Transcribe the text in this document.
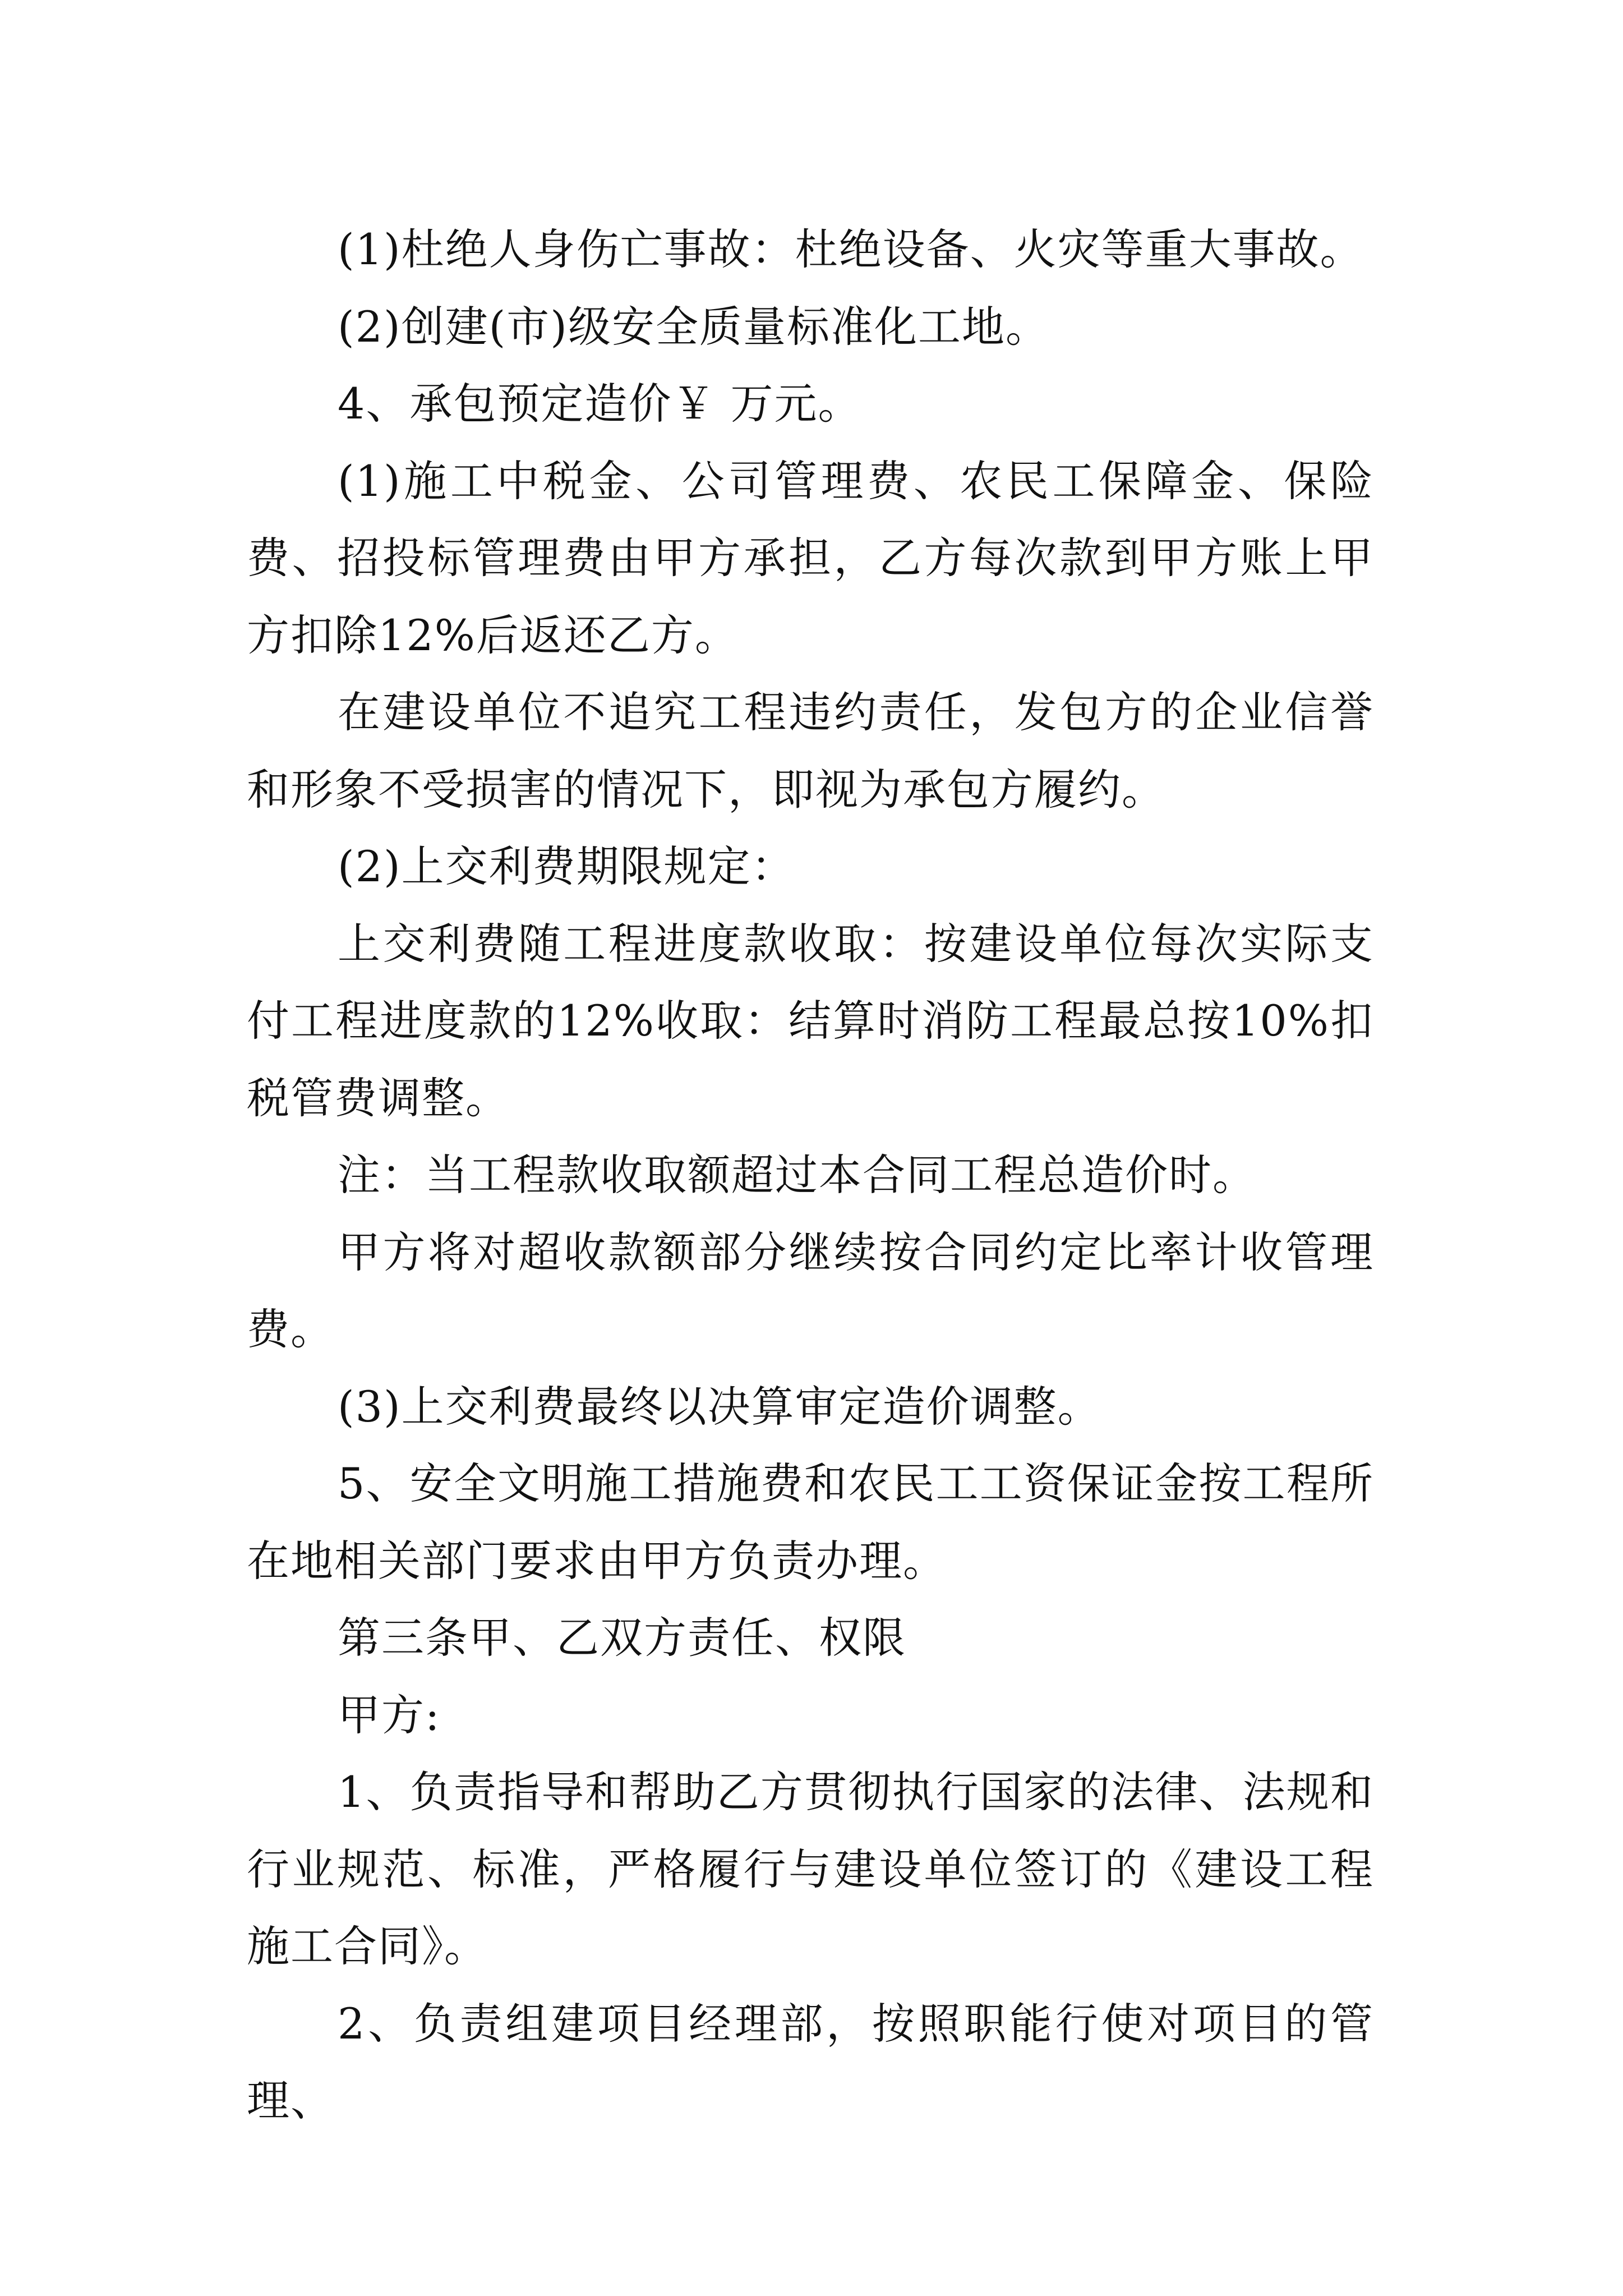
(1)杜绝人身伤亡事故：杜绝设备、火灾等重大事故。

(2)创建(市)级安全质量标准化工地。

4、承包预定造价￥ 万元。

(1)施工中税金、公司管理费、农民工保障金、保险费、招投标管理费由甲方承担，乙方每次款到甲方账上甲方扣除12%后返还乙方。

在建设单位不追究工程违约责任，发包方的企业信誉和形象不受损害的情况下，即视为承包方履约。

(2)上交利费期限规定：

上交利费随工程进度款收取：按建设单位每次实际支付工程进度款的12%收取：结算时消防工程最总按10%扣税管费调整。

注：当工程款收取额超过本合同工程总造价时。

甲方将对超收款额部分继续按合同约定比率计收管理费。

(3)上交利费最终以决算审定造价调整。

5、安全文明施工措施费和农民工工资保证金按工程所在地相关部门要求由甲方负责办理。

第三条甲、乙双方责任、权限

甲方:

1、负责指导和帮助乙方贯彻执行国家的法律、法规和行业规范、标准，严格履行与建设单位签订的《建设工程施工合同》。

2、负责组建项目经理部，按照职能行使对项目的管理、
